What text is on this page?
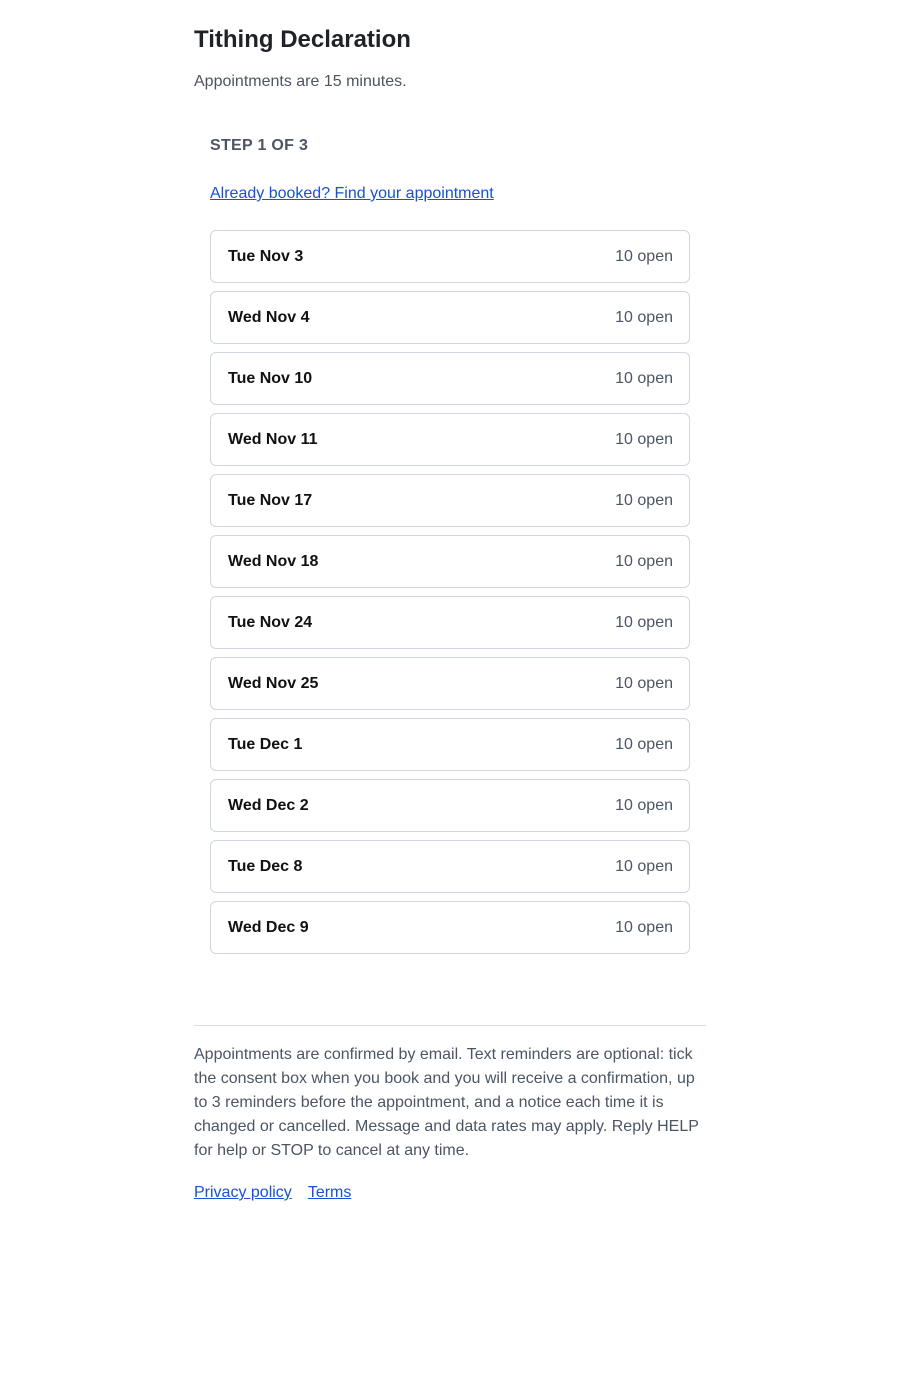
Tithing Declaration

Appointments are 15 minutes.

STEP 1 OF 3

Already booked? Find your appointment
Tue Nov 3	10 open
Wed Nov 4	10 open
Tue Nov 10	10 open
Wed Nov 11	10 open
Tue Nov 17	10 open
Wed Nov 18	10 open
Tue Nov 24	10 open
Wed Nov 25	10 open
Tue Dec 1	10 open
Wed Dec 2	10 open
Tue Dec 8	10 open
Wed Dec 9	10 open

Appointments are confirmed by email. Text reminders are optional: tick the consent box when you book and you will receive a confirmation, up to 3 reminders before the appointment, and a notice each time it is changed or cancelled. Message and data rates may apply. Reply HELP for help or STOP to cancel at any time.

Privacy policy Terms
